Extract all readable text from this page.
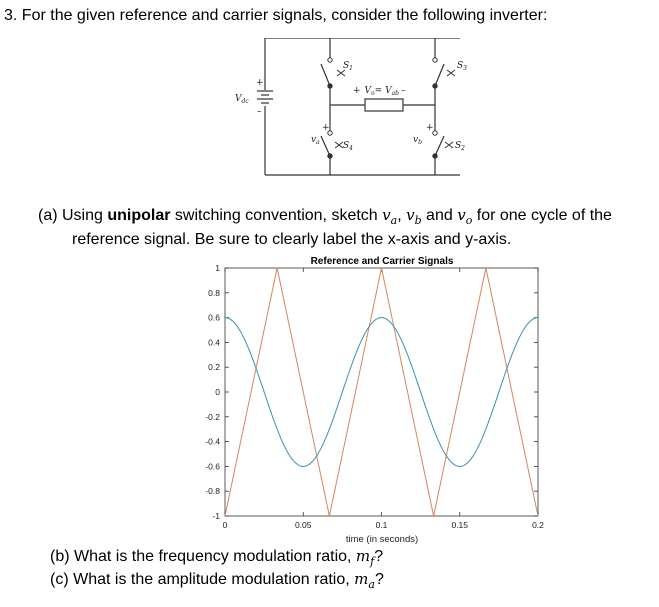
3. For the given reference and carrier signals, consider the following inverter:
+
–
$V_{dc}$
$S_1$	$S_3$
$S_4$	$S_2$
+ $V_o= V_{ab}$ –
$v_a$
+
$v_b$
+
(a) Using unipolar switching convention, sketch $v_a$, $v_b$ and $v_o$ for one cycle of the
reference signal. Be sure to clearly label the x-axis and y-axis.
Reference and Carrier Signals
1
0.8
0.6
0.4
0.2
0
-0.2
-0.4
-0.6
-0.8
-1
0	0.05	0.1	0.15	0.2
time (in seconds)
(b) What is the frequency modulation ratio, $m_f$?
(c) What is the amplitude modulation ratio, $m_a$?
